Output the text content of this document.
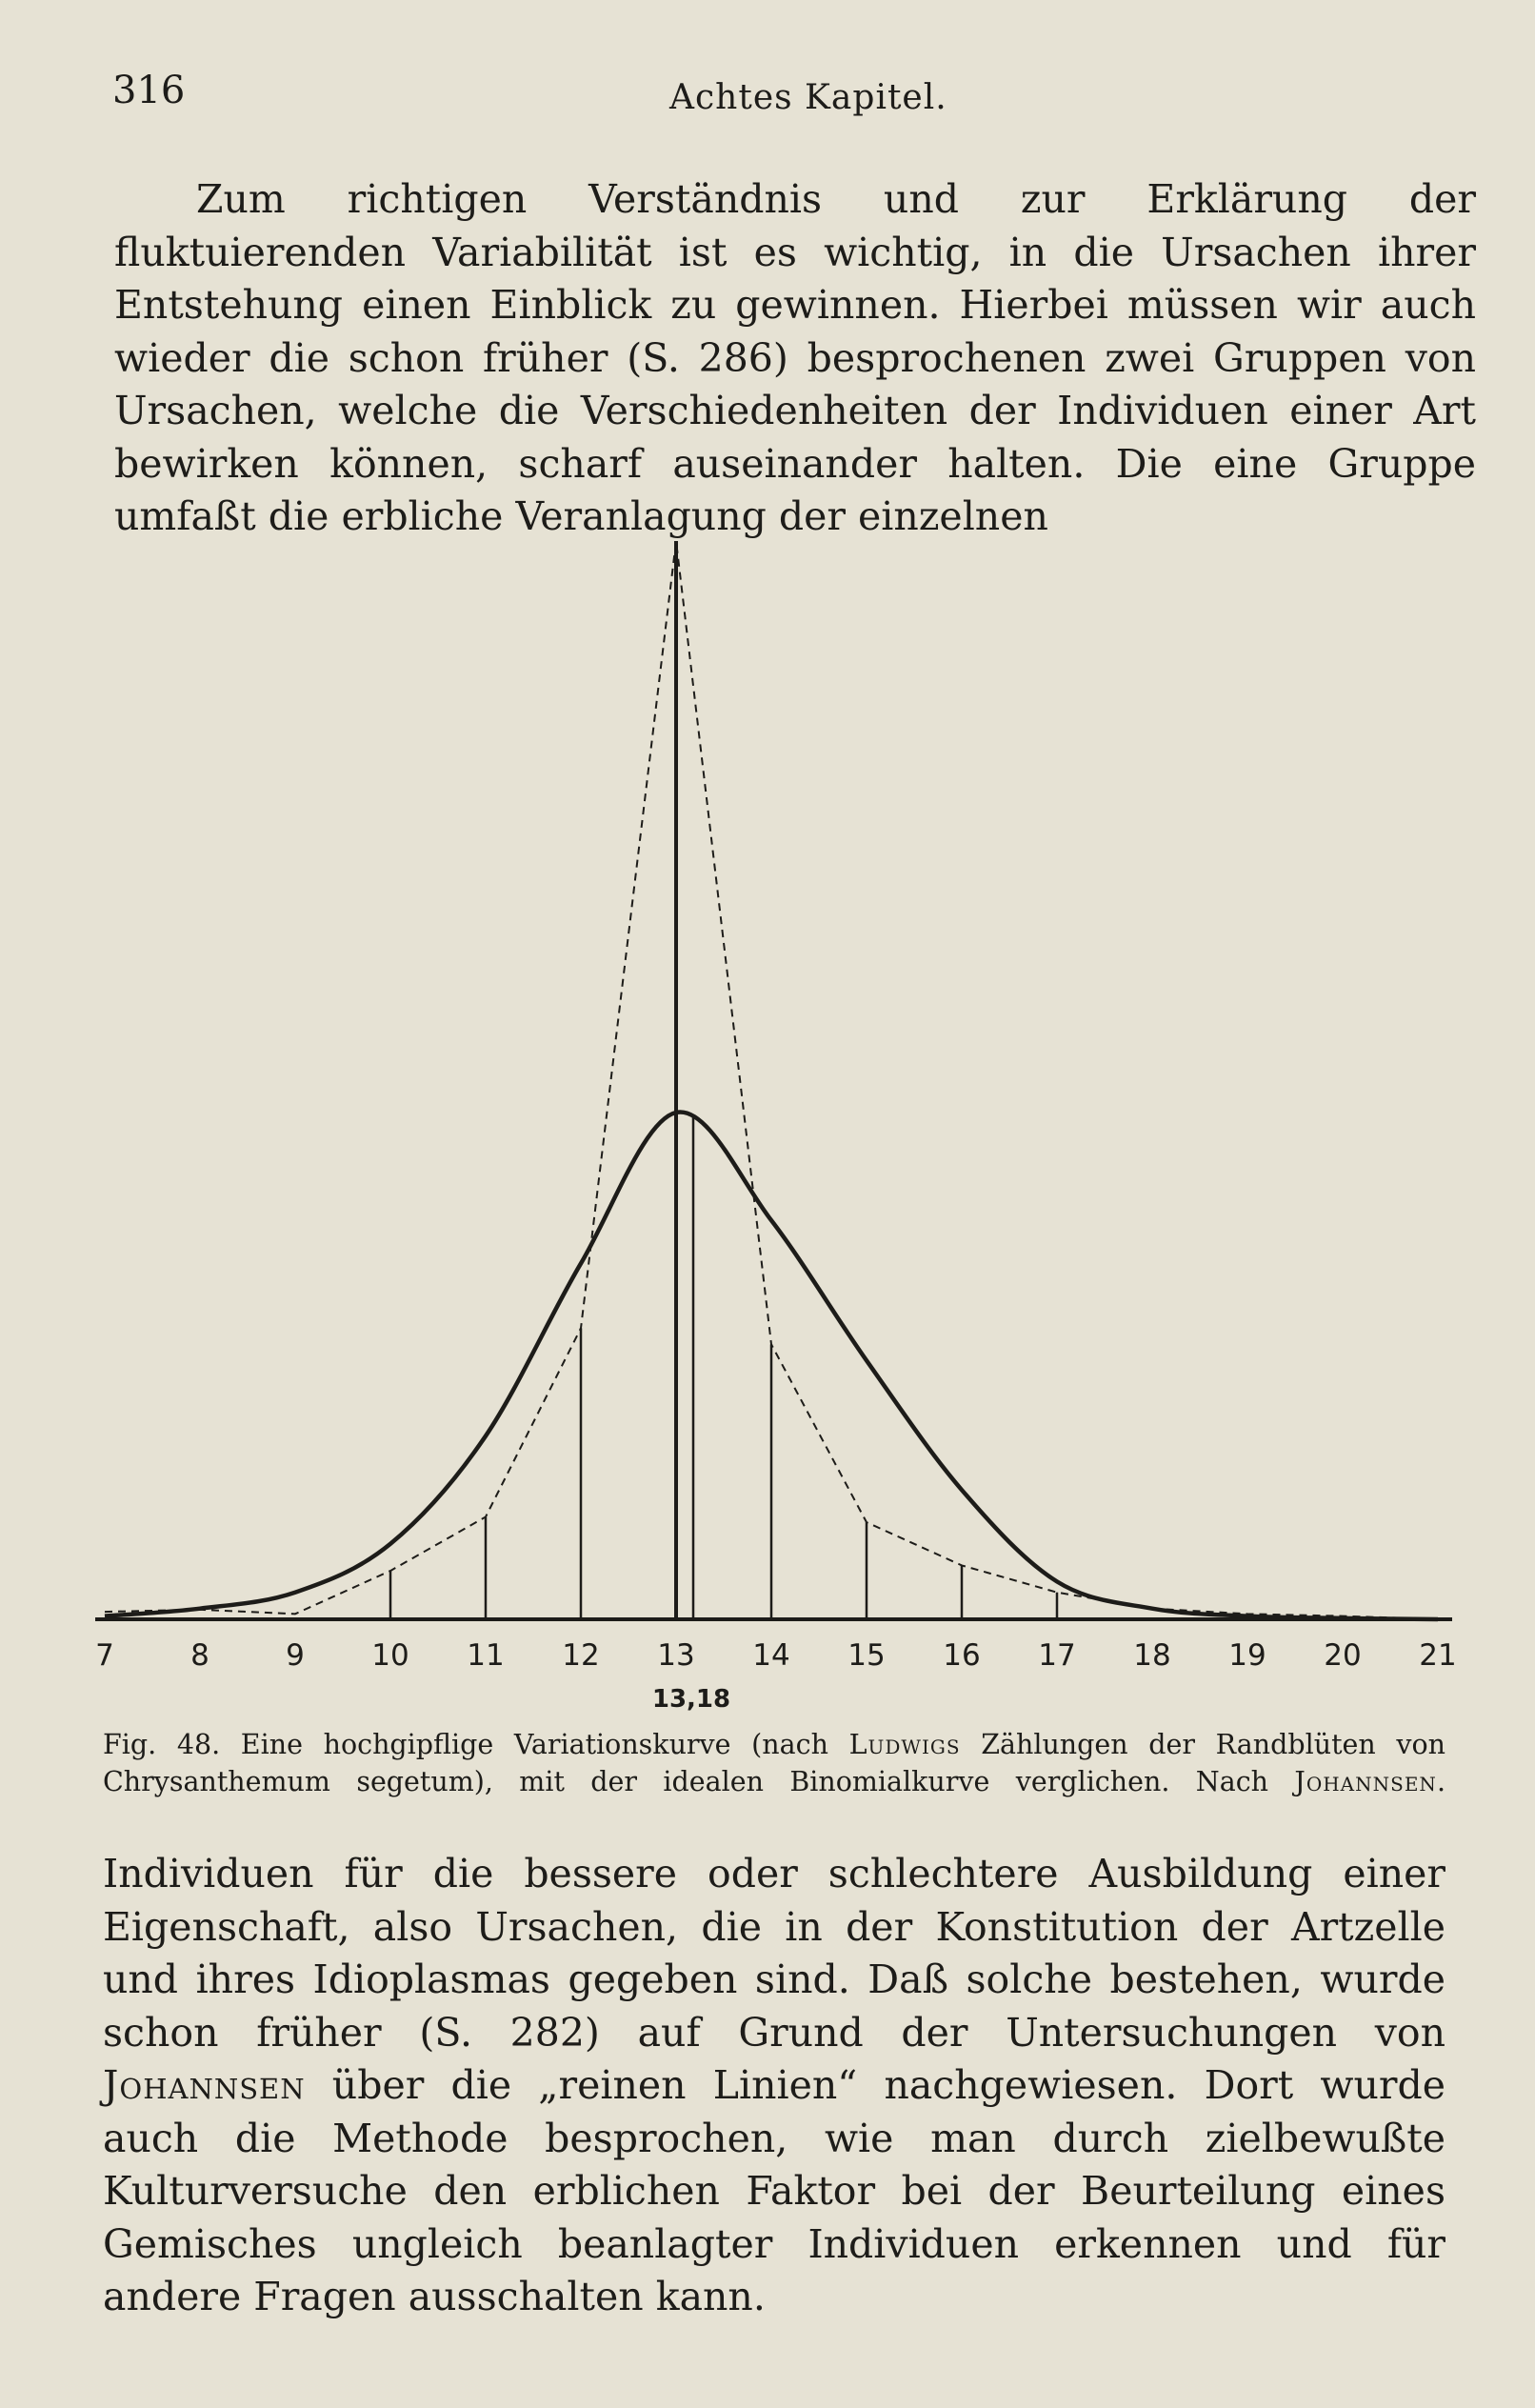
316	Achtes Kapitel.

Zum richtigen Verständnis und zur Erklärung der fluktuierenden Variabilität ist es wichtig, in die Ursachen ihrer Entstehung einen Einblick zu gewinnen. Hierbei müssen wir auch wieder die schon früher (S. 286) besprochenen zwei Gruppen von Ursachen, welche die Verschiedenheiten der Individuen einer Art bewirken können, scharf auseinander halten. Die eine Gruppe umfaßt die erbliche Veranlagung der einzelnen

7	8	9 10 11 12 13 14 15 16 17 18 19 20 21
13,18
Fig. 48. Eine hochgipflige Variationskurve (nach Ludwigs Zählungen der Randblüten von Chrysanthemum segetum), mit der idealen Binomialkurve verglichen. Nach Johannsen.

Individuen für die bessere oder schlechtere Ausbildung einer Eigenschaft, also Ursachen, die in der Konstitution der Artzelle und ihres Idioplasmas gegeben sind. Daß solche bestehen, wurde schon früher (S. 282) auf Grund der Untersuchungen von Johannsen über die „reinen Linien“ nachgewiesen. Dort wurde auch die Methode besprochen, wie man durch zielbewußte Kulturversuche den erblichen Faktor bei der Beurteilung eines Gemisches ungleich beanlagter Individuen erkennen und für andere Fragen ausschalten kann.
